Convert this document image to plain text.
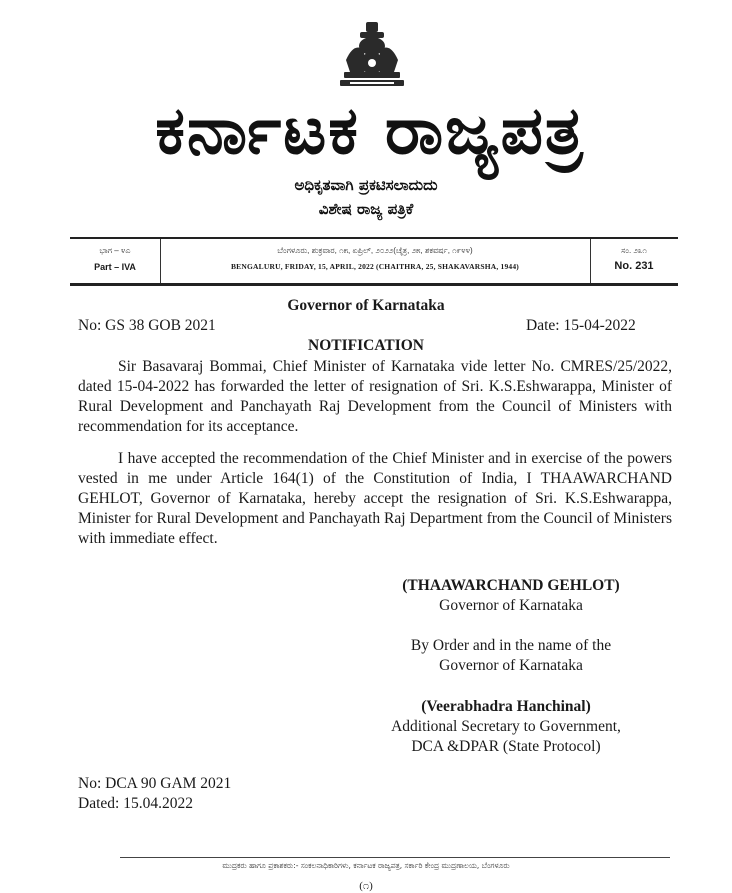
ಕರ್ನಾಟಕ ರಾಜ್ಯಪತ್ರ
ಅಧಿಕೃತವಾಗಿ ಪ್ರಕಟಿಸಲಾದುದು
ವಿಶೇಷ ರಾಜ್ಯ ಪತ್ರಿಕೆ
ಭಾಗ – ೪ಎ
Part – IVA
ಬೆಂಗಳೂರು, ಶುಕ್ರವಾರ, ೧೫, ಏಪ್ರಿಲ್, ೨೦೨೨(ಚೈತ್ರ, ೨೫, ಶಕವರ್ಷ, ೧೯೪೪)
BENGALURU, FRIDAY, 15, APRIL, 2022 (CHAITHRA, 25, SHAKAVARSHA, 1944)
ಸಂ. ೨೩೧
No. 231
Governor of Karnataka
No: GS 38 GOB 2021	Date: 15-04-2022
NOTIFICATION

Sir Basavaraj Bommai, Chief Minister of Karnataka vide letter No. CMRES/25/2022, dated 15-04-2022 has forwarded the letter of resignation of Sri. K.S.Eshwarappa, Minister of Rural Development and Panchayath Raj Development from the Council of Ministers with recommendation for its acceptance.

I have accepted the recommendation of the Chief Minister and in exercise of the powers vested in me under Article 164(1) of the Constitution of India, I THAAWARCHAND GEHLOT, Governor of Karnataka, hereby accept the resignation of Sri. K.S.Eshwarappa, Minister for Rural Development and Panchayath Raj Department from the Council of Ministers with immediate effect.

(THAAWARCHAND GEHLOT)
Governor of Karnataka
By Order and in the name of the
Governor of Karnataka
(Veerabhadra Hanchinal)
Additional Secretary to Government,
DCA &DPAR (State Protocol)
No: DCA 90 GAM 2021
Dated: 15.04.2022
ಮುದ್ರಕರು ಹಾಗೂ ಪ್ರಕಾಶಕರು:- ಸಂಕಲನಾಧಿಕಾರಿಗಳು, ಕರ್ನಾಟಕ ರಾಜ್ಯಪತ್ರ, ಸರ್ಕಾರಿ ಕೇಂದ್ರ ಮುದ್ರಣಾಲಯ, ಬೆಂಗಳೂರು
(೧)
